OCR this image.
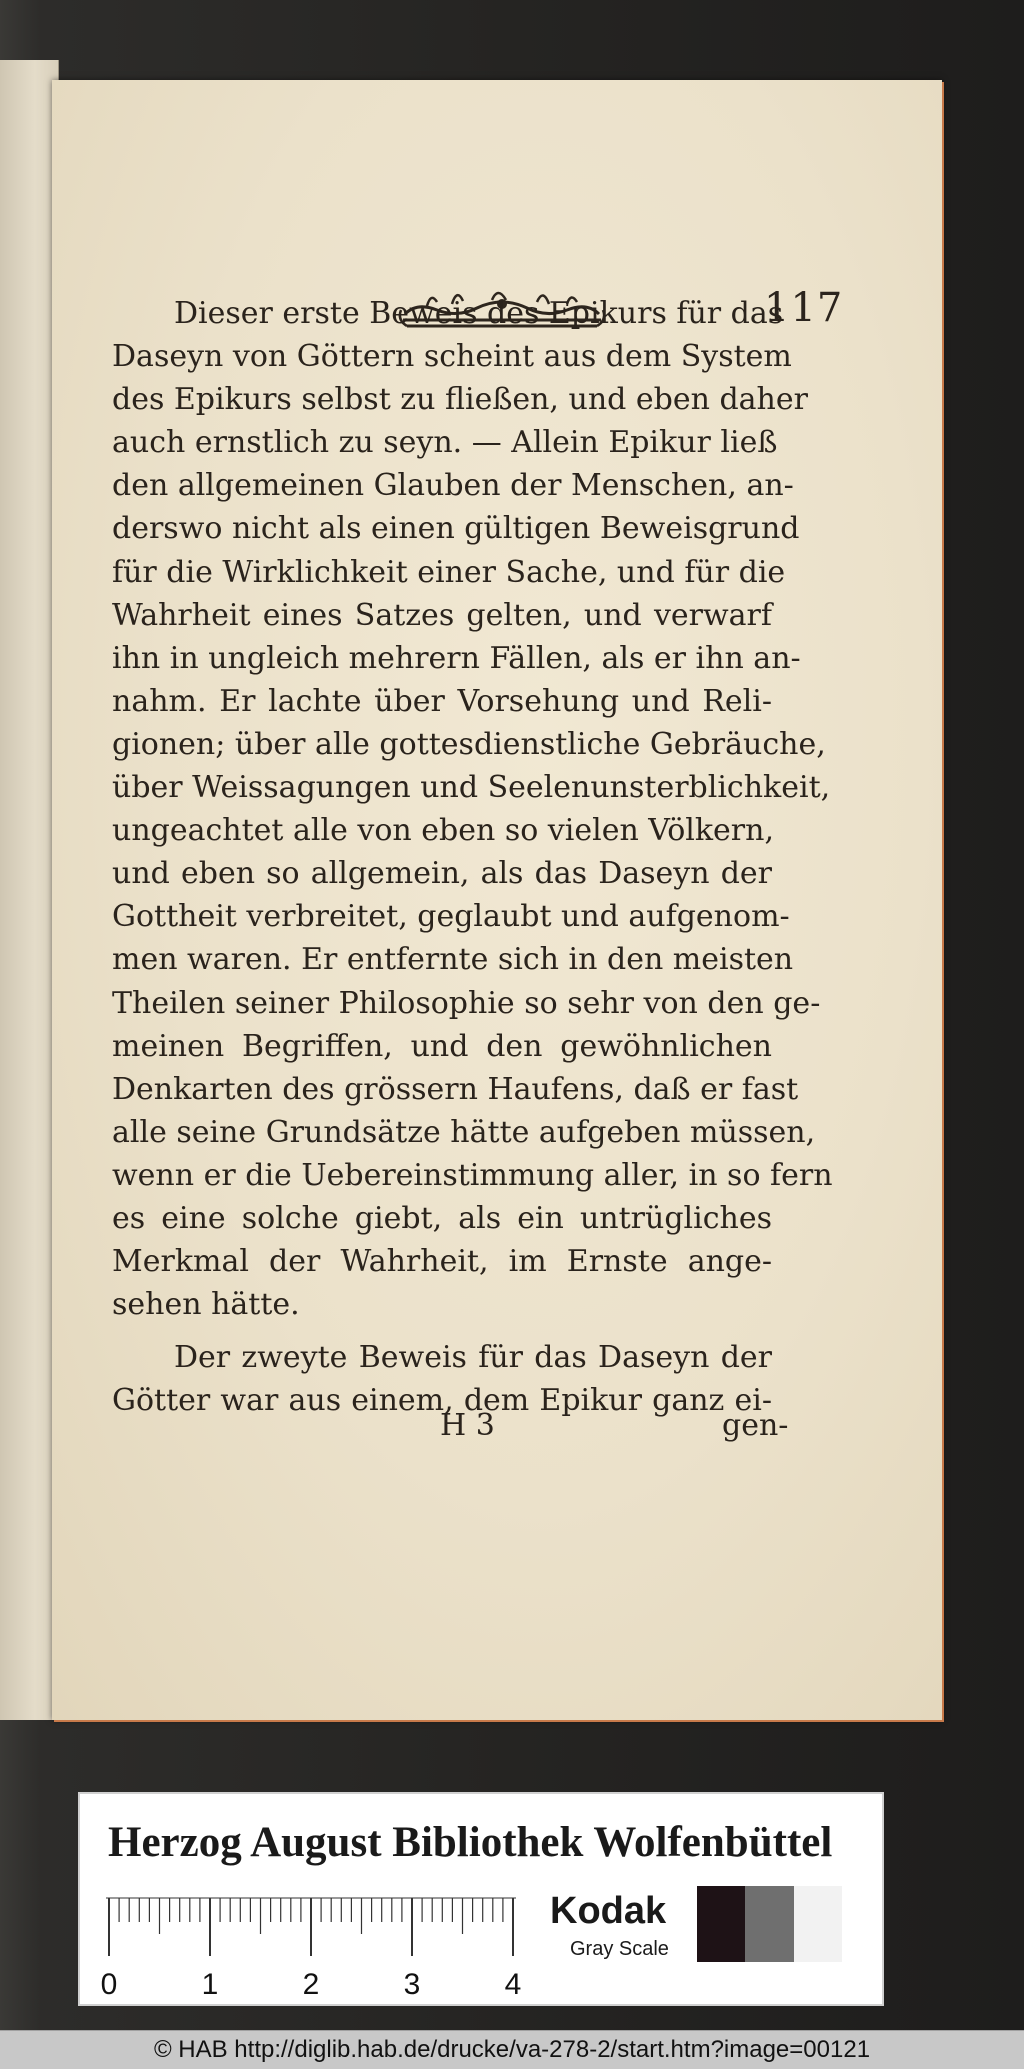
117
Dieser erste Beweis des Epikurs für das
Daseyn von Göttern scheint aus dem System
des Epikurs selbst zu fließen, und eben daher
auch ernstlich zu seyn. — Allein Epikur ließ
den allgemeinen Glauben der Menschen, an-
derswo nicht als einen gültigen Beweisgrund
für die Wirklichkeit einer Sache, und für die
Wahrheit eines Satzes gelten, und verwarf
ihn in ungleich mehrern Fällen, als er ihn an-
nahm. Er lachte über Vorsehung und Reli-
gionen; über alle gottesdienstliche Gebräuche,
über Weissagungen und Seelenunsterblichkeit,
ungeachtet alle von eben so vielen Völkern,
und eben so allgemein, als das Daseyn der
Gottheit verbreitet, geglaubt und aufgenom-
men waren. Er entfernte sich in den meisten
Theilen seiner Philosophie so sehr von den ge-
meinen Begriffen, und den gewöhnlichen
Denkarten des grössern Haufens, daß er fast
alle seine Grundsätze hätte aufgeben müssen,
wenn er die Uebereinstimmung aller, in so fern
es eine solche giebt, als ein untrügliches
Merkmal der Wahrheit, im Ernste ange-
sehen hätte.
Der zweyte Beweis für das Daseyn der
Götter war aus einem, dem Epikur ganz ei-
H 3	gen-
Herzog August Bibliothek Wolfenbüttel
0	1	2	3	4
Kodak
Gray Scale
© HAB http://diglib.hab.de/drucke/va-278-2/start.htm?image=00121
